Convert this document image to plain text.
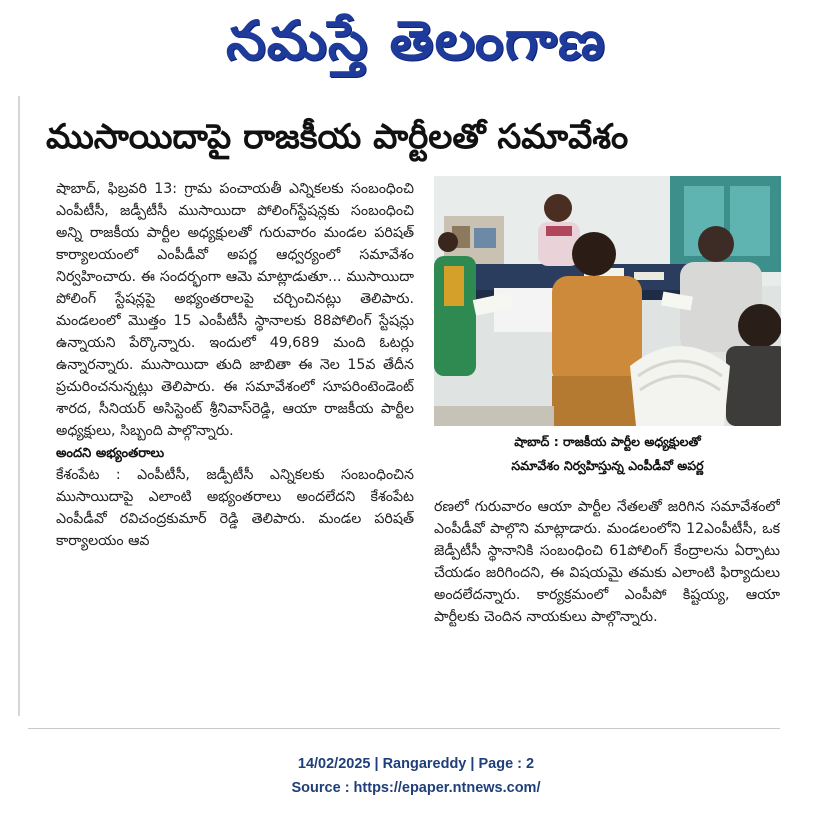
నమస్తే తెలంగాణ
ముసాయిదాపై రాజకీయ పార్టీలతో సమావేశం

షాబాద్, ఫిబ్రవరి 13: గ్రామ పంచాయతీ ఎన్నికలకు సంబంధించి ఎంపీటీసీ, జడ్పీటీసీ ముసాయిదా పోలింగ్‌స్టేషన్లకు సంబంధించి అన్ని రాజకీయ పార్టీల అధ్యక్షులతో గురువారం మండల పరిషత్ కార్యాలయంలో ఎంపీడీవో అపర్ణ ఆధ్వర్యంలో సమావేశం నిర్వహించారు. ఈ సందర్భంగా ఆమె మాట్లాడుతూ... ముసాయిదా పోలింగ్ స్టేషన్లపై అభ్యంతరాలపై చర్చించినట్లు తెలిపారు. మండలంలో మొత్తం 15 ఎంపీటీసీ స్థానాలకు 88పోలింగ్ స్టేషన్లు ఉన్నాయని పేర్కొన్నారు. ఇందులో 49,689 మంది ఓటర్లు ఉన్నారన్నారు. ముసాయిదా తుది జాబితా ఈ నెల 15వ తేదీన ప్రచురించనున్నట్లు తెలిపారు. ఈ సమావేశంలో సూపరింటెండెంట్ శారద, సీనియర్ అసిస్టెంట్ శ్రీనివాస్‌రెడ్డి, ఆయా రాజకీయ పార్టీల అధ్యక్షులు, సిబ్బంది పాల్గొన్నారు.

అందని అభ్యంతరాలు

కేశంపేట : ఎంపీటీసీ, జడ్పీటీసీ ఎన్నికలకు సంబంధించిన ముసాయిదాపై ఎలాంటి అభ్యంతరాలు అందలేదని కేశంపేట ఎంపీడీవో రవిచంద్రకుమార్‌ రెడ్డి తెలిపారు. మండల పరిషత్ కార్యాలయం ఆవ

షాబాద్ : రాజకీయ పార్టీల అధ్యక్షులతో
సమావేశం నిర్వహిస్తున్న ఎంపీడీవో అపర్ణ

రణలో గురువారం ఆయా పార్టీల నేతలతో జరిగిన సమావేశంలో ఎంపీడీవో పాల్గొని మాట్లాడారు. మండలంలోని 12ఎంపీటీసీ, ఒక జెడ్పీటీసీ స్థానానికి సంబంధించి 61పోలింగ్ కేంద్రాలను ఏర్పాటు చేయడం జరిగిందని, ఈ విషయమై తమకు ఎలాంటి ఫిర్యాదులు అందలేదన్నారు. కార్యక్రమంలో ఎంపీపో కిష్టయ్య, ఆయా పార్టీలకు చెందిన నాయకులు పాల్గొన్నారు.

14/02/2025 | Rangareddy | Page : 2
Source : https://epaper.ntnews.com/
